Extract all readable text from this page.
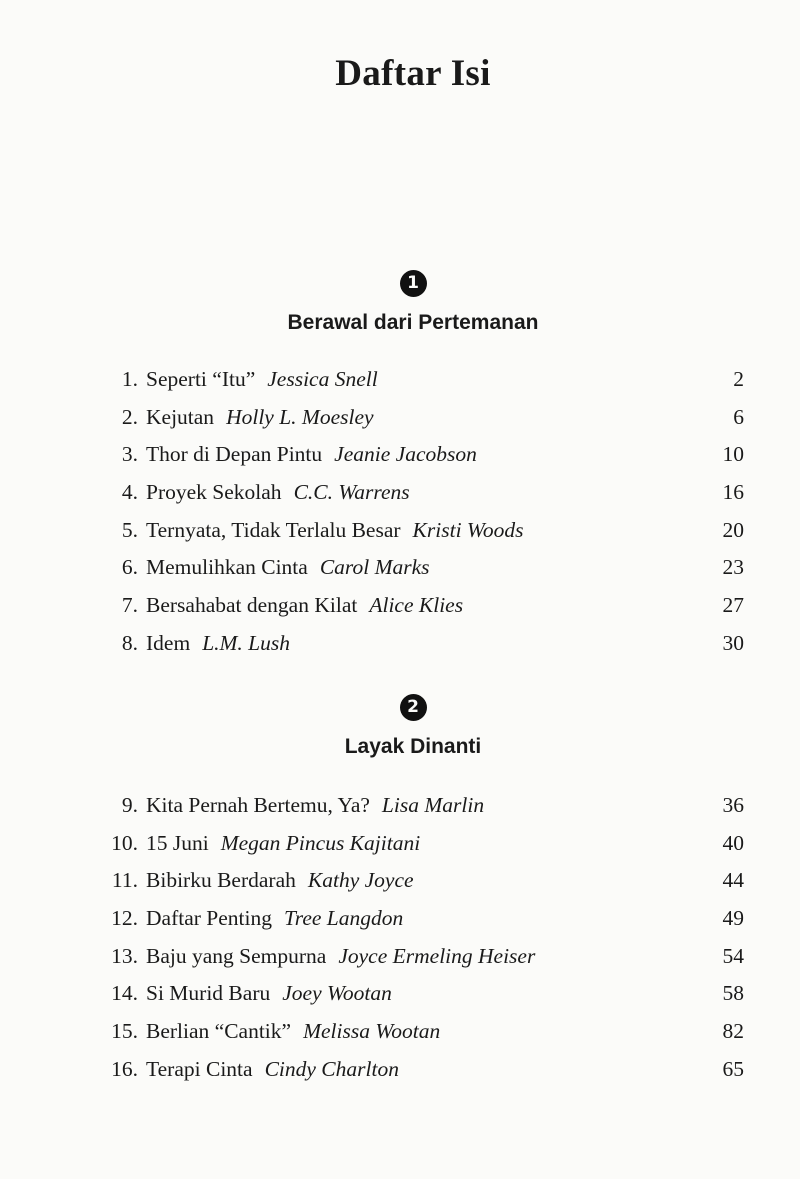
Daftar Isi
1
Berawal dari Pertemanan
1. Seperti “Itu” Jessica Snell	2
2. Kejutan Holly L. Moesley	6
3. Thor di Depan Pintu Jeanie Jacobson	10
4. Proyek Sekolah C.C. Warrens	16
5. Ternyata, Tidak Terlalu Besar Kristi Woods	20
6. Memulihkan Cinta Carol Marks	23
7. Bersahabat dengan Kilat Alice Klies	27
8. Idem L.M. Lush	30
2
Layak Dinanti
9. Kita Pernah Bertemu, Ya? Lisa Marlin	36
10. 15 Juni Megan Pincus Kajitani	40
11. Bibirku Berdarah Kathy Joyce	44
12. Daftar Penting Tree Langdon	49
13. Baju yang Sempurna Joyce Ermeling Heiser	54
14. Si Murid Baru Joey Wootan	58
15. Berlian “Cantik” Melissa Wootan	82
16. Terapi Cinta Cindy Charlton	65
